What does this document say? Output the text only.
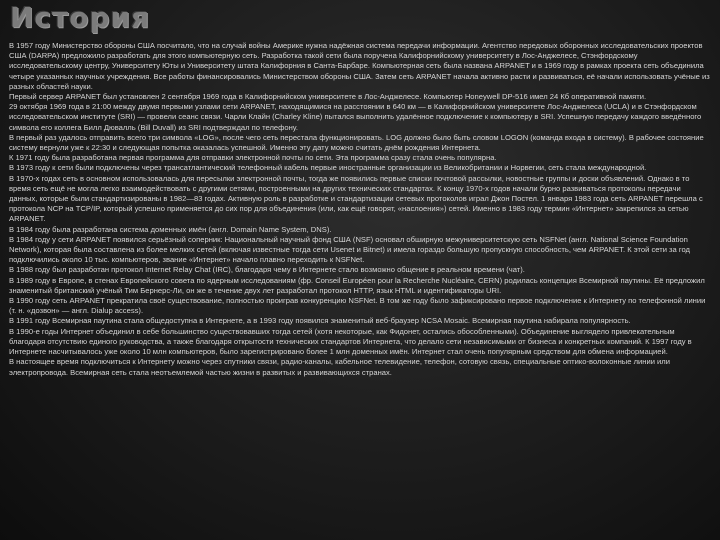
История

В 1957 году Министерство обороны США посчитало, что на случай войны Америке нужна надёжная система передачи информации. Агентство передовых оборонных исследовательских проектов США (DARPA) предложило разработать для этого компьютерную сеть. Разработка такой сети была поручена Калифорнийскому университету в Лос-Анджелесе, Стэнфордскому исследовательскому центру, Университету Юты и Университету штата Калифорния в Санта-Барбаре. Компьютерная сеть была названа ARPANET и в 1969 году в рамках проекта сеть объединила четыре указанных научных учреждения. Все работы финансировались Министерством обороны США. Затем сеть ARPANET начала активно расти и развиваться, её начали использовать учёные из разных областей науки.

Первый сервер ARPANET был установлен 2 сентября 1969 года в Калифорнийском университете в Лос-Анджелесе. Компьютер Honeywell DP-516 имел 24 Кб оперативной памяти.

29 октября 1969 года в 21:00 между двумя первыми узлами сети ARPANET, находящимися на расстоянии в 640 км — в Калифорнийском университете Лос-Анджелеса (UCLA) и в Стэнфордском исследовательском институте (SRI) — провели сеанс связи. Чарли Клайн (Charley Kline) пытался выполнить удалённое подключение к компьютеру в SRI. Успешную передачу каждого введённого символа его коллега Билл Дювалль (Bill Duvall) из SRI подтверждал по телефону.

В первый раз удалось отправить всего три символа «LOG», после чего сеть перестала функционировать. LOG должно было быть словом LOGON (команда входа в систему). В рабочее состояние систему вернули уже к 22:30 и следующая попытка оказалась успешной. Именно эту дату можно считать днём рождения Интернета.

К 1971 году была разработана первая программа для отправки электронной почты по сети. Эта программа сразу стала очень популярна.

В 1973 году к сети были подключены через трансатлантический телефонный кабель первые иностранные организации из Великобритании и Норвегии, сеть стала международной.

В 1970-х годах сеть в основном использовалась для пересылки электронной почты, тогда же появились первые списки почтовой рассылки, новостные группы и доски объявлений. Однако в то время сеть ещё не могла легко взаимодействовать с другими сетями, построенными на других технических стандартах. К концу 1970-х годов начали бурно развиваться протоколы передачи данных, которые были стандартизированы в 1982—83 годах. Активную роль в разработке и стандартизации сетевых протоколов играл Джон Постел. 1 января 1983 года сеть ARPANET перешла с протокола NCP на TCP/IP, который успешно применяется до сих пор для объединения (или, как ещё говорят, «наслоения») сетей. Именно в 1983 году термин «Интернет» закрепился за сетью ARPANET.

В 1984 году была разработана система доменных имён (англ. Domain Name System, DNS).

В 1984 году у сети ARPANET появился серьёзный соперник: Национальный научный фонд США (NSF) основал обширную межуниверситетскую сеть NSFNet (англ. National Science Foundation Network), которая была составлена из более мелких сетей (включая известные тогда сети Usenet и Bitnet) и имела гораздо большую пропускную способность, чем ARPANET. К этой сети за год подключились около 10 тыс. компьютеров, звание «Интернет» начало плавно переходить к NSFNet.

В 1988 году был разработан протокол Internet Relay Chat (IRC), благодаря чему в Интернете стало возможно общение в реальном времени (чат).

В 1989 году в Европе, в стенах Европейского совета по ядерным исследованиям (фр. Conseil Européen pour la Recherche Nucléaire, CERN) родилась концепция Всемирной паутины. Её предложил знаменитый британский учёный Тим Бернерс-Ли, он же в течение двух лет разработал протокол HTTP, язык HTML и идентификаторы URI.

В 1990 году сеть ARPANET прекратила своё существование, полностью проиграв конкуренцию NSFNet. В том же году было зафиксировано первое подключение к Интернету по телефонной линии (т. н. «дозвон» — англ. Dialup access).

В 1991 году Всемирная паутина стала общедоступна в Интернете, а в 1993 году появился знаменитый веб-браузер NCSA Mosaic. Всемирная паутина набирала популярность.

В 1990-е годы Интернет объединил в себе большинство существовавших тогда сетей (хотя некоторые, как Фидонет, остались обособленными). Объединение выглядело привлекательным благодаря отсутствию единого руководства, а также благодаря открытости технических стандартов Интернета, что делало сети независимыми от бизнеса и конкретных компаний. К 1997 году в Интернете насчитывалось уже около 10 млн компьютеров, было зарегистрировано более 1 млн доменных имён. Интернет стал очень популярным средством для обмена информацией.

В настоящее время подключиться к Интернету можно через спутники связи, радио-каналы, кабельное телевидение, телефон, сотовую связь, специальные оптико-волоконные линии или электропровода. Всемирная сеть стала неотъемлемой частью жизни в развитых и развивающихся странах.
